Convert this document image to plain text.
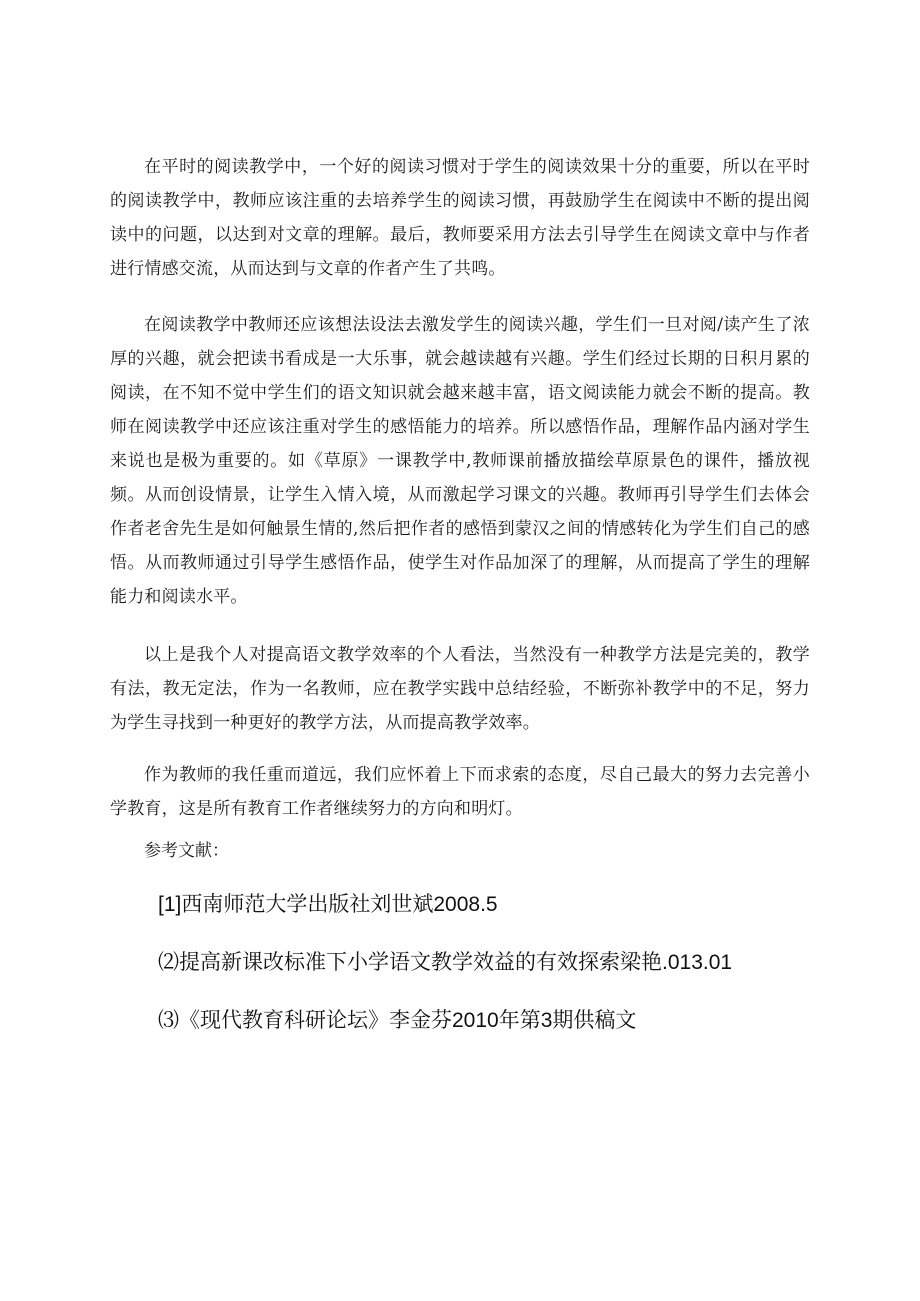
在平时的阅读教学中，一个好的阅读习惯对于学生的阅读效果十分的重要，所以在平时的阅读教学中，教师应该注重的去培养学生的阅读习惯，再鼓励学生在阅读中不断的提出阅读中的问题，以达到对文章的理解。最后，教师要采用方法去引导学生在阅读文章中与作者进行情感交流，从而达到与文章的作者产生了共鸣。

在阅读教学中教师还应该想法设法去激发学生的阅读兴趣，学生们一旦对阅/读产生了浓厚的兴趣，就会把读书看成是一大乐事，就会越读越有兴趣。学生们经过长期的日积月累的阅读，在不知不觉中学生们的语文知识就会越来越丰富，语文阅读能力就会不断的提高。教师在阅读教学中还应该注重对学生的感悟能力的培养。所以感悟作品，理解作品内涵对学生来说也是极为重要的。如《草原》一课教学中,教师课前播放描绘草原景色的课件，播放视频。从而创设情景，让学生入情入境，从而激起学习课文的兴趣。教师再引导学生们去体会作者老舍先生是如何触景生情的,然后把作者的感悟到蒙汉之间的情感转化为学生们自己的感悟。从而教师通过引导学生感悟作品，使学生对作品加深了的理解，从而提高了学生的理解能力和阅读水平。

以上是我个人对提高语文教学效率的个人看法，当然没有一种教学方法是完美的，教学有法，教无定法，作为一名教师，应在教学实践中总结经验，不断弥补教学中的不足，努力为学生寻找到一种更好的教学方法，从而提高教学效率。

作为教师的我任重而道远，我们应怀着上下而求索的态度，尽自己最大的努力去完善小学教育，这是所有教育工作者继续努力的方向和明灯。

参考文献：
[1]西南师范大学出版社刘世斌2008.5
⑵提高新课改标准下小学语文教学效益的有效探索梁艳.013.01
⑶《现代教育科研论坛》李金芬2010年第3期供稿文
